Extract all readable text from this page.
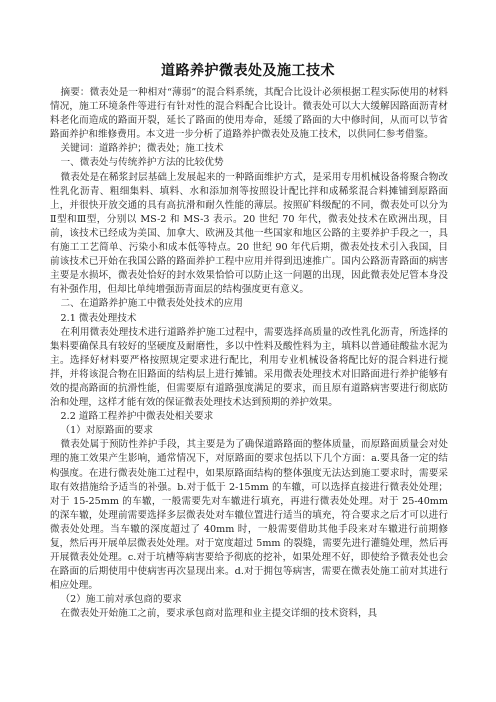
道路养护微表处及施工技术

摘要：微表处是一种相对“薄弱”的混合料系统，其配合比设计必须根据工程实际使用的材料情况，施工环境条件等进行有针对性的混合料配合比设计。微表处可以大大缓解因路面沥青材料老化而造成的路面开裂，延长了路面的使用寿命，延缓了路面的大中修时间，从而可以节省路面养护和维修费用。本文进一步分析了道路养护微表处及施工技术，以供同仁参考借鉴。

关键词：道路养护；微表处；施工技术

一、微表处与传统养护方法的比较优势

微表处是在稀浆封层基础上发展起来的一种路面维护方式，是采用专用机械设备将聚合物改性乳化沥青、粗细集料、填料、水和添加剂等按照设计配比拌和成稀浆混合料摊铺到原路面上，并很快开放交通的具有高抗滑和耐久性能的薄层。按照矿料级配的不同，微表处可以分为Ⅱ型和Ⅲ型，分别以 MS-2 和 MS-3 表示。20 世纪 70 年代，微表处技术在欧洲出现，目前，该技术已经成为美国、加拿大、欧洲及其他一些国家和地区公路的主要养护手段之一，具有施工工艺简单、污染小和成本低等特点。20 世纪 90 年代后期，微表处技术引入我国，目前该技术已开始在我国公路的路面养护工程中应用并得到迅速推广。国内公路沥青路面的病害主要是水损坏，微表处恰好的封水效果恰恰可以防止这一问题的出现，因此微表处尼管本身没有补强作用，但却比单纯增强沥青面层的结构强度更有意义。

二、在道路养护施工中微表处处技术的应用

2.1 微表处理技术

在利用微表处理技术进行道路养护施工过程中，需要选择高质量的改性乳化沥青，所选择的集料要确保具有较好的坚硬度及耐磨性，多以中性料及酸性料为主，填料以普通硅酸盐水泥为主。选择好材料要严格按照规定要求进行配比，利用专业机械设备将配比好的混合料进行搅拌，并将该混合物在旧路面的结构层上进行摊铺。采用微表处理技术对旧路面进行养护能够有效的提高路面的抗滑性能，但需要原有道路强度满足的要求，而且原有道路病害要进行彻底防治和处理，这样才能有效的保证微表处理技术达到预期的养护效果。

2.2 道路工程养护中微表处相关要求

（1）对原路面的要求

微表处属于预防性养护手段，其主要是为了确保道路路面的整体质量，而原路面质量会对处理的施工效果产生影响，通常情况下，对原路面的要求包括以下几个方面：a.要具备一定的结构强度。在进行微表处施工过程中，如果原路面结构的整体强度无法达到施工要求时，需要采取有效措施给予适当的补强。b.对于低于 2-15mm 的车辙，可以选择直接进行微表处处理；对于 15-25mm 的车辙，一般需要先对车辙进行填充，再进行微表处处理。对于 25-40mm 的深车辙，处理前需要选择多层微表处对车辙位置进行适当的填充，符合要求之后才可以进行微表处处理。当车辙的深度超过了 40mm 时，一般需要借助其他手段来对车辙进行前期修复，然后再开展单层微表处处理。对于宽度超过 5mm 的裂缝，需要先进行灌缝处理，然后再开展微表处处理。c.对于坑槽等病害要给予彻底的挖补，如果处理不好，即使给予微表处也会在路面的后期使用中使病害再次显现出来。d.对于拥包等病害，需要在微表处施工前对其进行相应处理。

（2）施工前对承包商的要求

在微表处开始施工之前，要求承包商对监理和业主提交详细的技术资料，具
